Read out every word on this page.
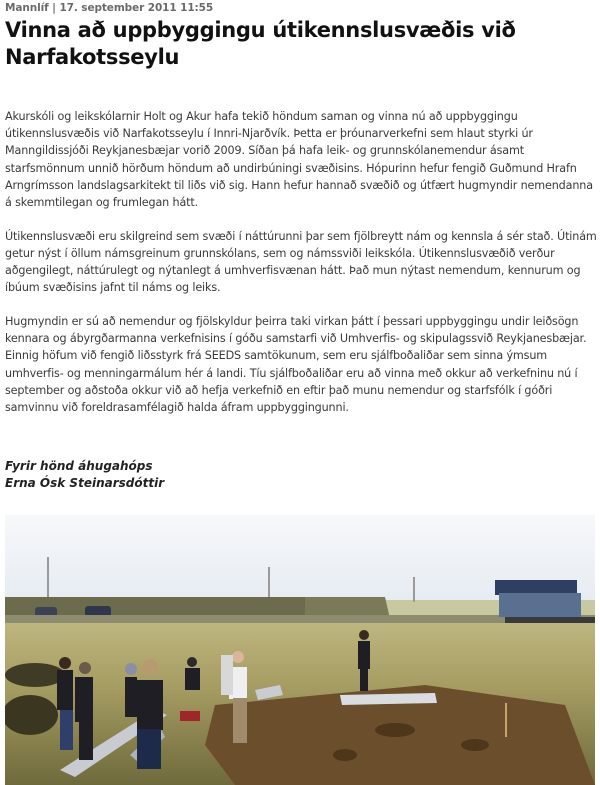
Mannlíf | 17. september 2011 11:55
Vinna að uppbyggingu útikennslusvæðis við Narfakotsseylu

Akurskóli og leikskólarnir Holt og Akur hafa tekið höndum saman og vinna nú að uppbyggingu útikennslusvæðis við Narfakotsseylu í Innri-Njarðvík. Þetta er þróunarverkefni sem hlaut styrki úr Manngildissjóði Reykjanesbæjar vorið 2009. Síðan þá hafa leik- og grunnskólanemendur ásamt starfsmönnum unnið hörðum höndum að undirbúningi svæðisins. Hópurinn hefur fengið Guðmund Hrafn Arngrímsson landslagsarkitekt til liðs við sig. Hann hefur hannað svæðið og útfært hugmyndir nemendanna á skemmtilegan og frumlegan hátt.

Útikennslusvæði eru skilgreind sem svæði í náttúrunni þar sem fjölbreytt nám og kennsla á sér stað. Útinám getur nýst í öllum námsgreinum grunnskólans, sem og námssviði leikskóla. Útikennslusvæðið verður aðgengilegt, náttúrulegt og nýtanlegt á umhverfisvænan hátt. Það mun nýtast nemendum, kennurum og íbúum svæðisins jafnt til náms og leiks.

Hugmyndin er sú að nemendur og fjölskyldur þeirra taki virkan þátt í þessari uppbyggingu undir leiðsögn kennara og ábyrgðarmanna verkefnisins í góðu samstarfi við Umhverfis- og skipulagssvið Reykjanesbæjar. Einnig höfum við fengið liðsstyrk frá SEEDS samtökunum, sem eru sjálfboðaliðar sem sinna ýmsum umhverfis- og menningarmálum hér á landi. Tíu sjálfboðaliðar eru að vinna með okkur að verkefninu nú í september og aðstoða okkur við að hefja verkefnið en eftir það munu nemendur og starfsfólk í góðri samvinnu við foreldrasamfélagið halda áfram uppbyggingunni.

Fyrir hönd áhugahóps
Erna Ósk Steinarsdóttir
